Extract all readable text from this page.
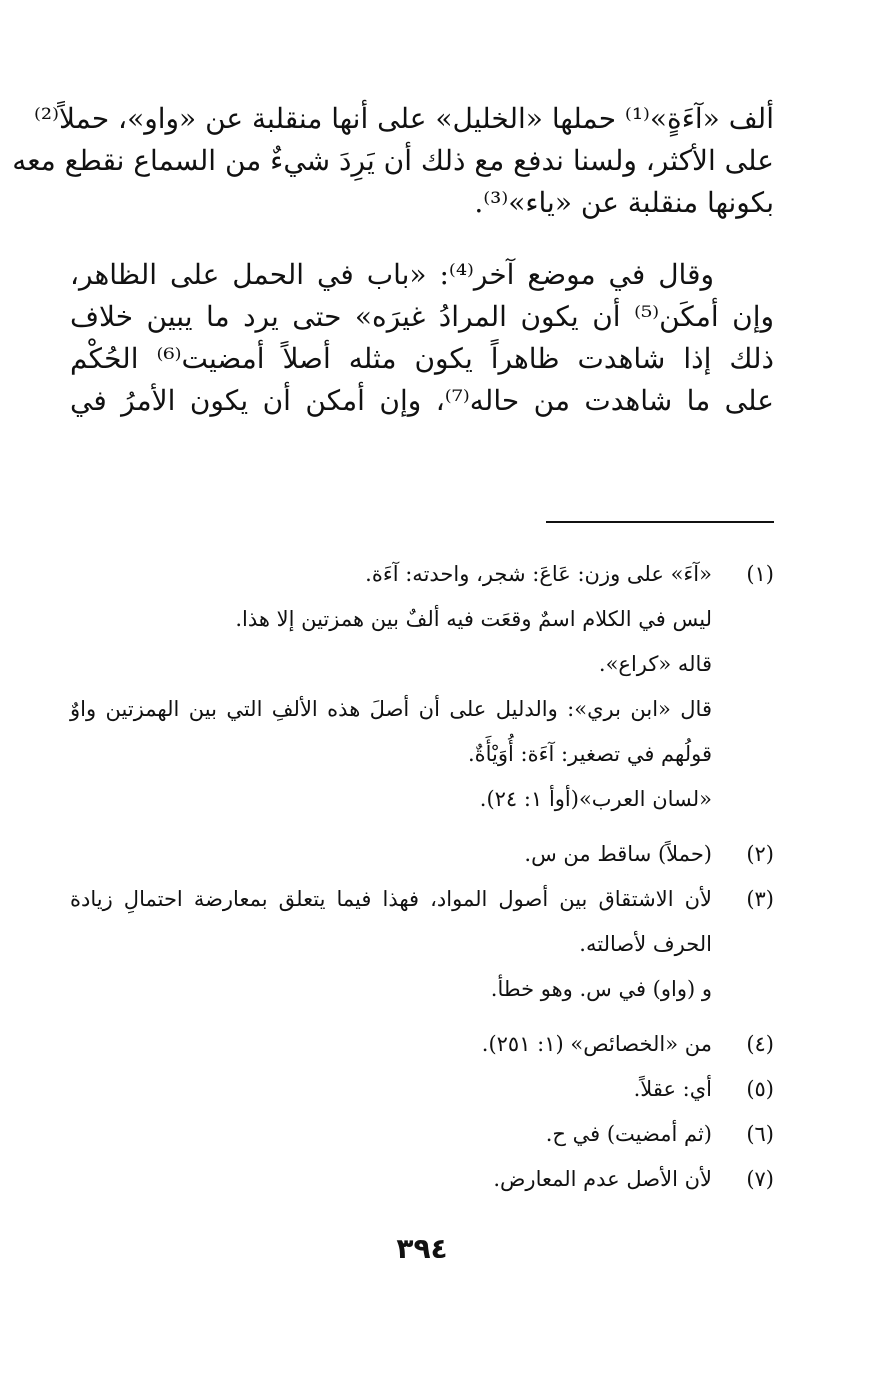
ألف «آءَةٍ»⁽¹⁾ حملها «الخليل» على أنها منقلبة عن «واو»، حملاً⁽²⁾
على الأكثر، ولسنا ندفع مع ذلك أن يَرِدَ شيءٌ من السماع نقطع معه
بكونها منقلبة عن «ياء»⁽³⁾.
وقال في موضع آخر⁽⁴⁾: «باب في الحمل على الظاهر،
وإن أمكَن⁽⁵⁾ أن يكون المرادُ غيرَه» حتى يرد ما يبين خلاف
ذلك إذا شاهدت ظاهراً يكون مثله أصلاً أمضيت⁽⁶⁾ الحُكْم
على ما شاهدت من حاله⁽⁷⁾، وإن أمكن أن يكون الأمرُ في
(١)
«آءَ» على وزن: عَاعَ: شجر، واحدته: آءَة.
ليس في الكلام اسمٌ وقعَت فيه ألفٌ بين همزتين إلا هذا.
قاله «كراع».
قال «ابن بري»: والدليل على أن أصلَ هذه الألفِ التي بين الهمزتين واوٌ
قولُهم في تصغير: آءَة: أُوَيْأَةٌ.
«لسان العرب»(أوأ ١: ٢٤).
(٢)
(حملاً) ساقط من س.
(٣)
لأن الاشتقاق بين أصول المواد، فهذا فيما يتعلق بمعارضة احتمالِ زيادة
الحرف لأصالته.
و (واو) في س. وهو خطأ.
(٤)
من «الخصائص» (١: ٢٥١).
(٥)
أي: عقلاً.
(٦)
(ثم أمضيت) في ح.
(٧)
لأن الأصل عدم المعارض.
٣٩٤
